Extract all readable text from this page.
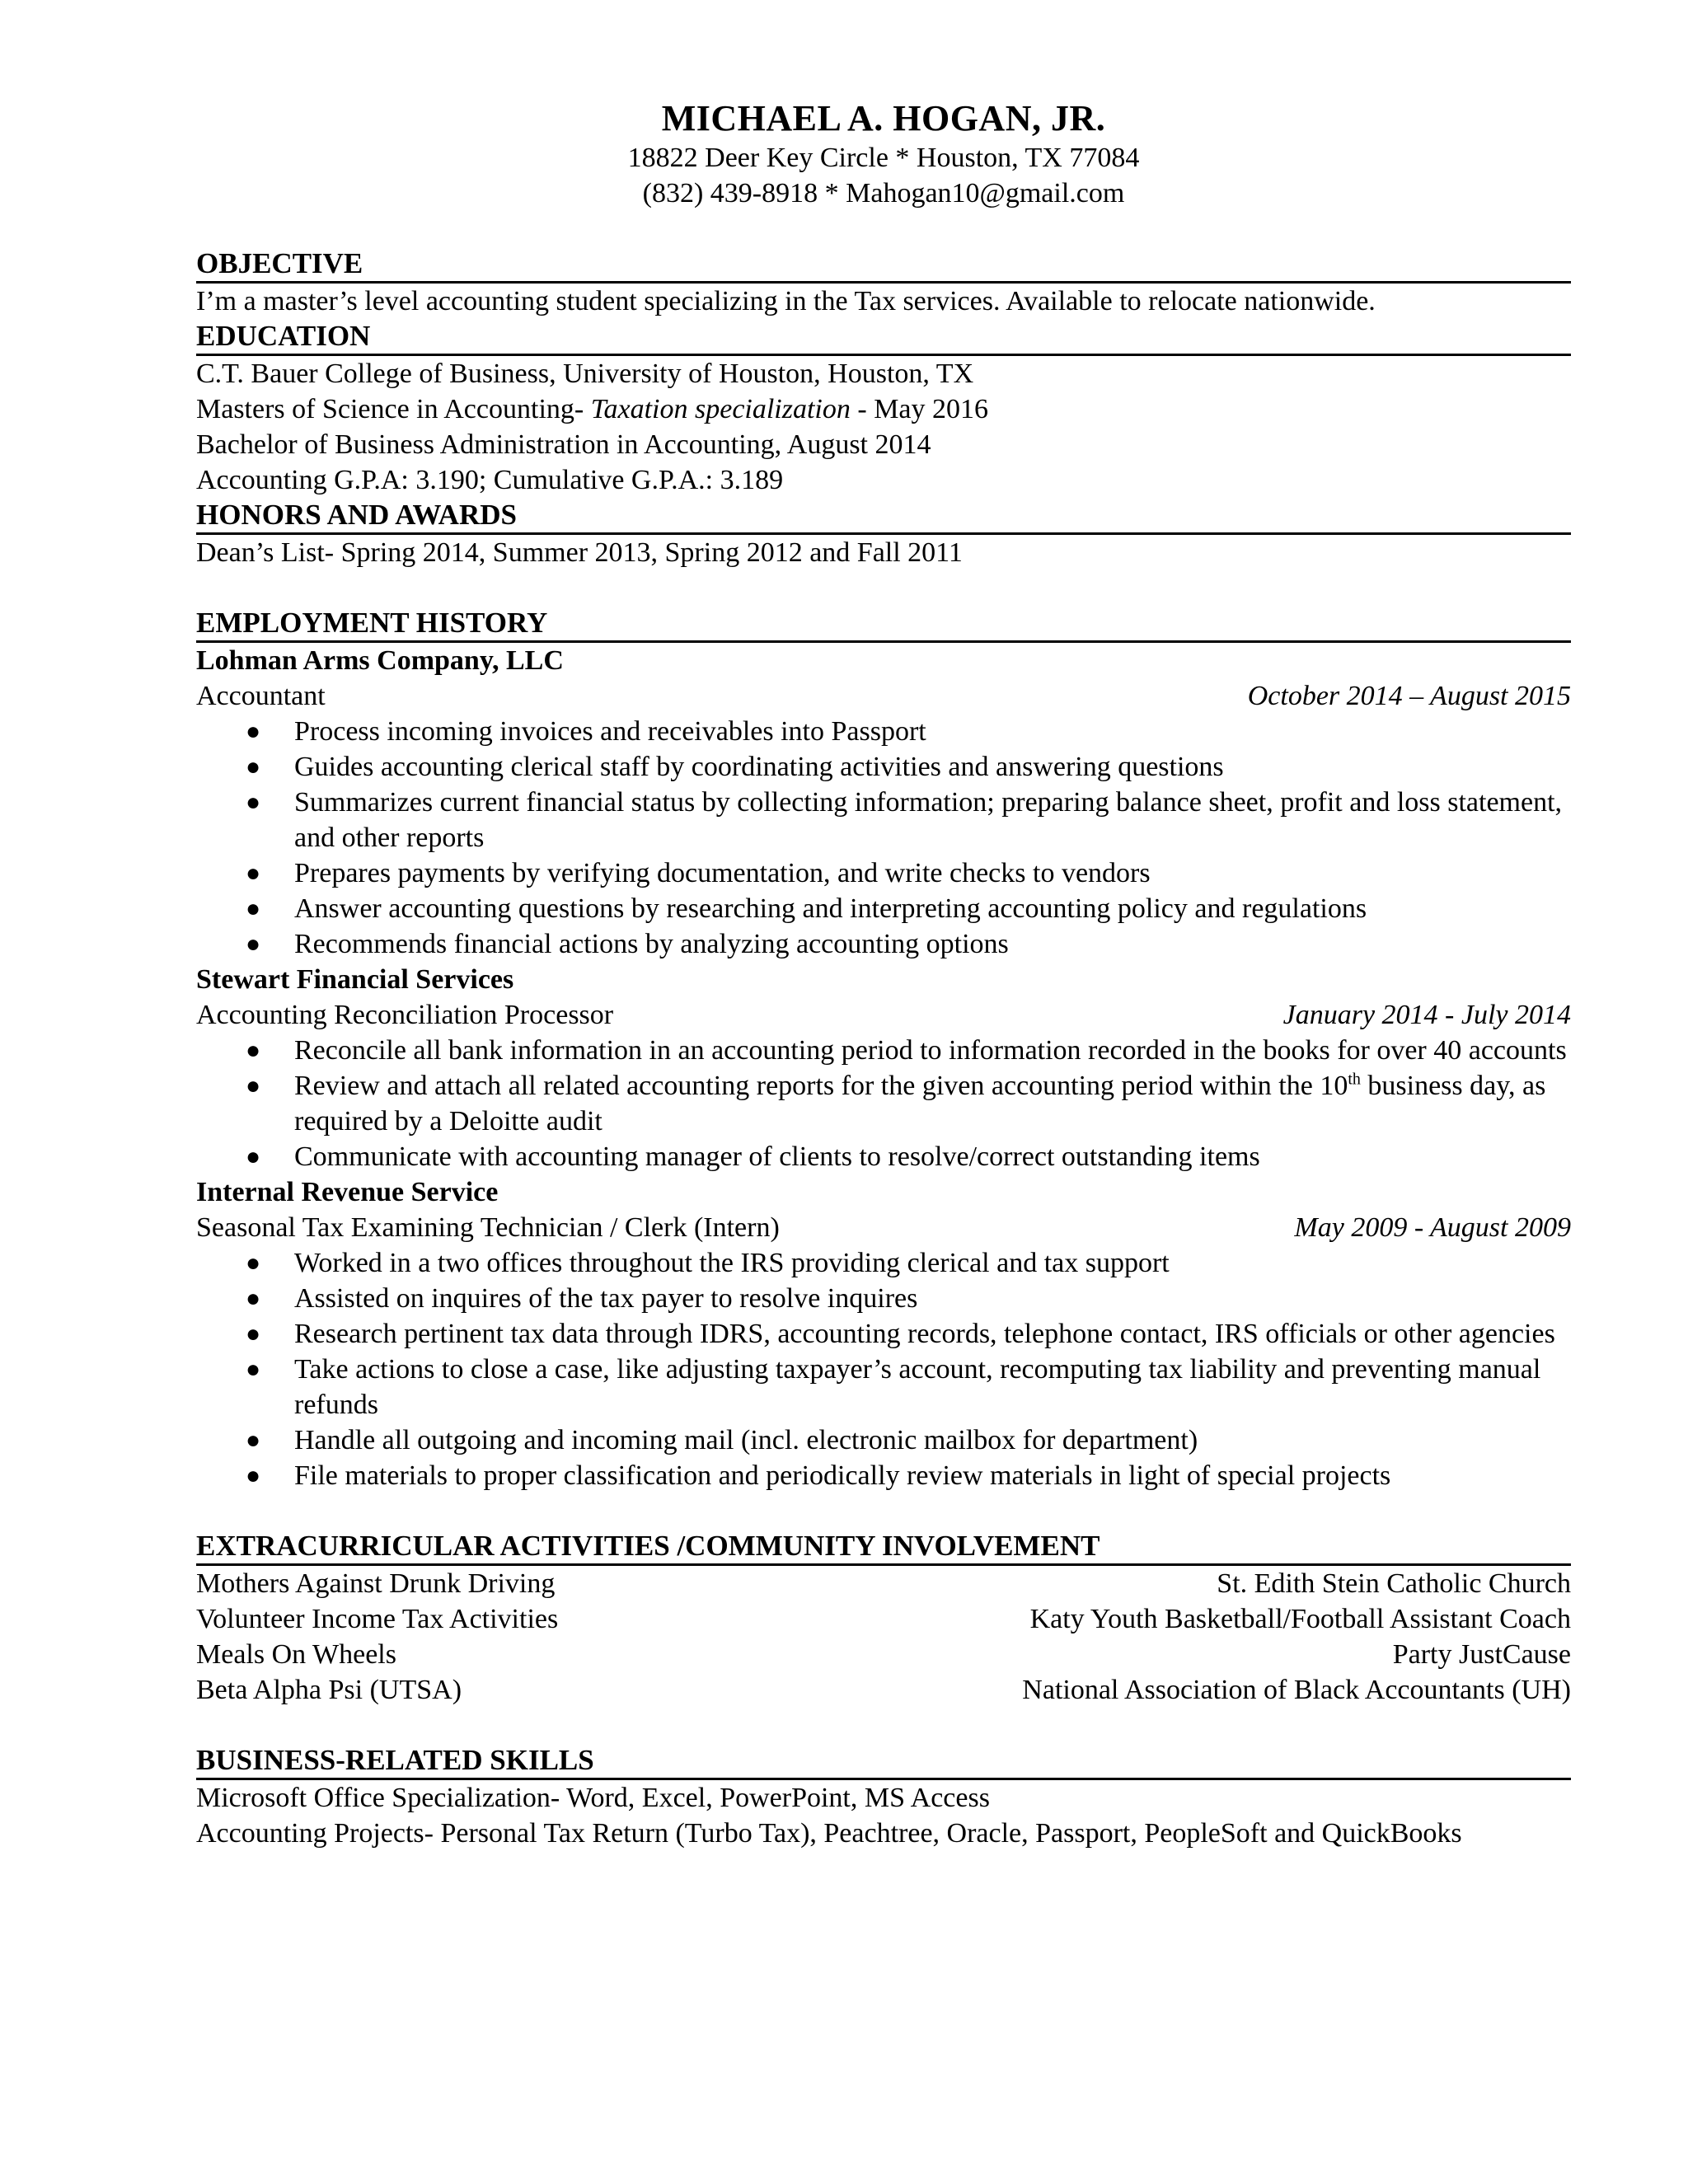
MICHAEL A. HOGAN, JR.
18822 Deer Key Circle * Houston, TX 77084
(832) 439-8918 * Mahogan10@gmail.com
OBJECTIVE
I’m a master’s level accounting student specializing in the Tax services. Available to relocate nationwide.
EDUCATION
C.T. Bauer College of Business, University of Houston, Houston, TX
Masters of Science in Accounting- Taxation specialization - May 2016
Bachelor of Business Administration in Accounting, August 2014
Accounting G.P.A: 3.190; Cumulative G.P.A.: 3.189
HONORS AND AWARDS
Dean’s List- Spring 2014, Summer 2013, Spring 2012 and Fall 2011
EMPLOYMENT HISTORY
Lohman Arms Company, LLC
Accountant	October 2014 – August 2015
● Process incoming invoices and receivables into Passport
● Guides accounting clerical staff by coordinating activities and answering questions
● Summarizes current financial status by collecting information; preparing balance sheet, profit and loss statement, and other reports
● Prepares payments by verifying documentation, and write checks to vendors
● Answer accounting questions by researching and interpreting accounting policy and regulations
● Recommends financial actions by analyzing accounting options
Stewart Financial Services
Accounting Reconciliation Processor	January 2014 - July 2014
● Reconcile all bank information in an accounting period to information recorded in the books for over 40 accounts
● Review and attach all related accounting reports for the given accounting period within the 10th business day, as required by a Deloitte audit
● Communicate with accounting manager of clients to resolve/correct outstanding items
Internal Revenue Service
Seasonal Tax Examining Technician / Clerk (Intern)	May 2009 - August 2009
● Worked in a two offices throughout the IRS providing clerical and tax support
● Assisted on inquires of the tax payer to resolve inquires
● Research pertinent tax data through IDRS, accounting records, telephone contact, IRS officials or other agencies
● Take actions to close a case, like adjusting taxpayer’s account, recomputing tax liability and preventing manual refunds
● Handle all outgoing and incoming mail (incl. electronic mailbox for department)
● File materials to proper classification and periodically review materials in light of special projects
EXTRACURRICULAR ACTIVITIES /COMMUNITY INVOLVEMENT
Mothers Against Drunk Driving	St. Edith Stein Catholic Church
Volunteer Income Tax Activities	Katy Youth Basketball/Football Assistant Coach
Meals On Wheels	Party JustCause
Beta Alpha Psi (UTSA)	National Association of Black Accountants (UH)
BUSINESS-RELATED SKILLS
Microsoft Office Specialization- Word, Excel, PowerPoint, MS Access
Accounting Projects- Personal Tax Return (Turbo Tax), Peachtree, Oracle, Passport, PeopleSoft and QuickBooks
